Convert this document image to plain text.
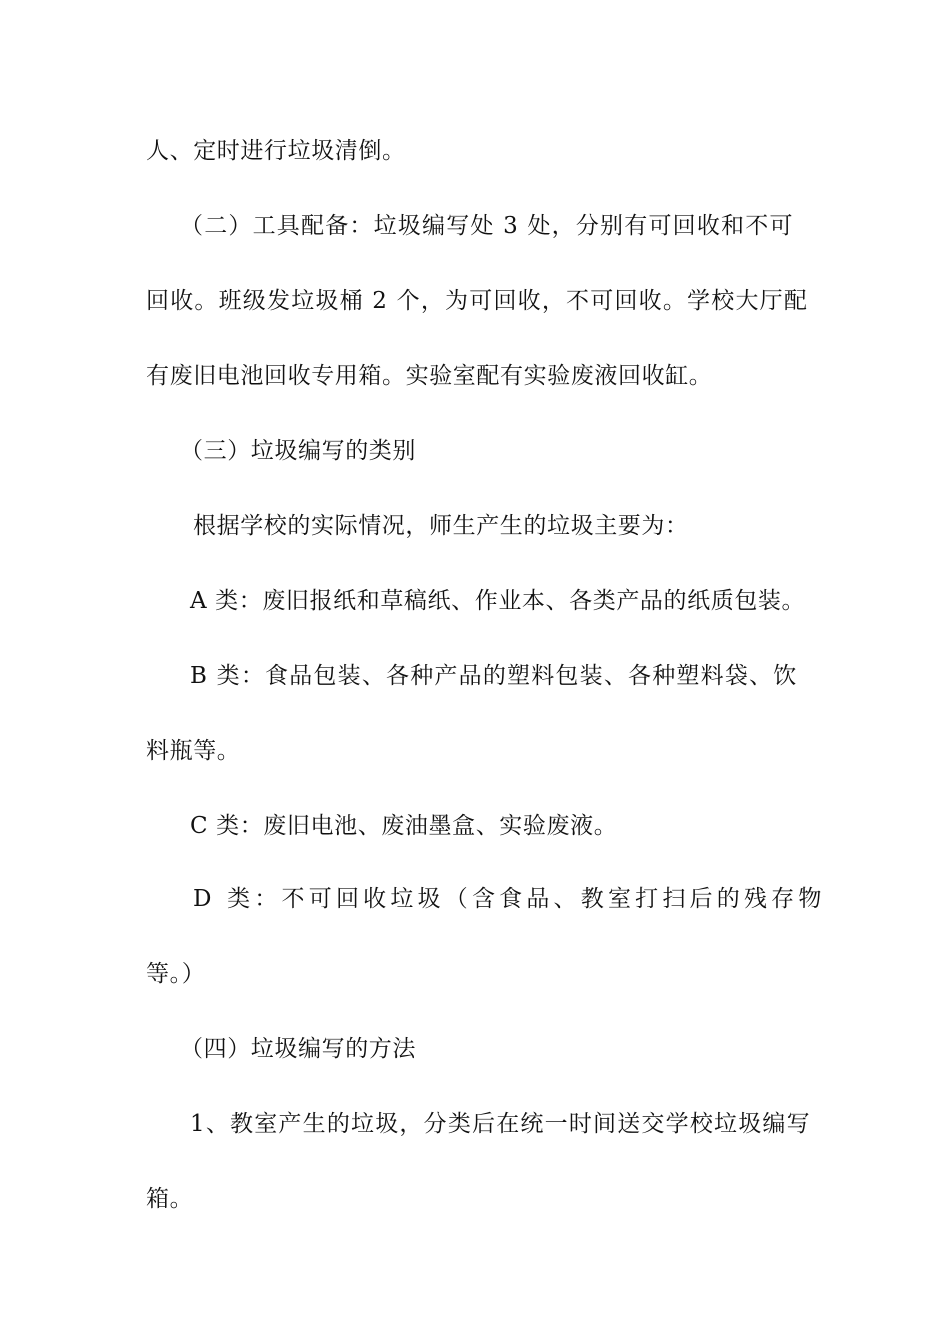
人、定时进行垃圾清倒。
（二）工具配备：垃圾编写处 3 处，分别有可回收和不可
回收。班级发垃圾桶 2 个，为可回收，不可回收。学校大厅配
有废旧电池回收专用箱。实验室配有实验废液回收缸。
（三）垃圾编写的类别
根据学校的实际情况，师生产生的垃圾主要为：
A 类：废旧报纸和草稿纸、作业本、各类产品的纸质包装。
B 类：食品包装、各种产品的塑料包装、各种塑料袋、饮
料瓶等。
C 类：废旧电池、废油墨盒、实验废液。
D 类：不可回收垃圾（含食品、教室打扫后的残存物
等。）
（四）垃圾编写的方法
1、教室产生的垃圾，分类后在统一时间送交学校垃圾编写
箱。
